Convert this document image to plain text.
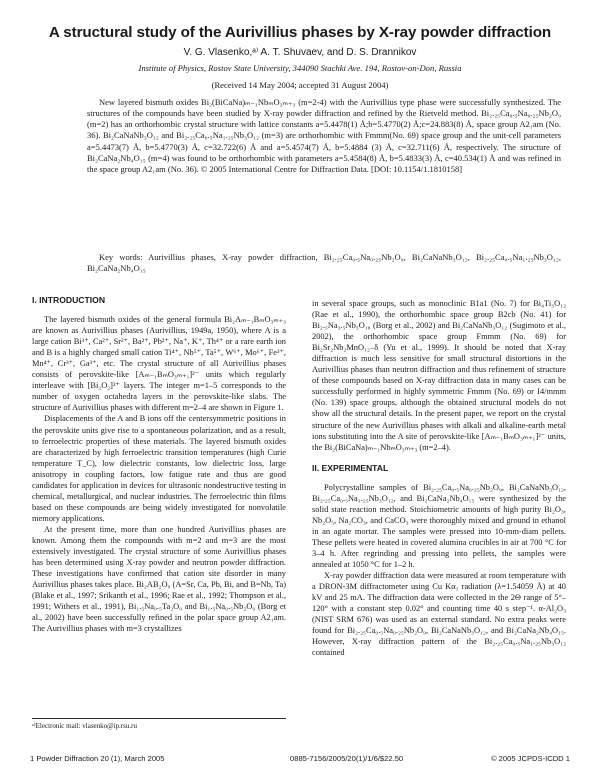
A structural study of the Aurivillius phases by X-ray powder diffraction
V. G. Vlasenko,ᵃ⁾ A. T. Shuvaev, and D. S. Drannikov
Institute of Physics, Rostov State University, 344090 Stachki Ave. 194, Rostov-on-Don, Russia
(Received 14 May 2004; accepted 31 August 2004)
New layered bismuth oxides Bi₂(BiCaNa)ₘ₋₁NbₘO₃ₘ₊₃ (m=2-4) with the Aurivillius type phase were successfully synthesized. The structures of the compounds have been studied by X-ray powder diffraction and refined by the Rietveld method. Bi₂.₂₅Ca₀.₅Na₀.₂₅Nb₂O₉ (m=2) has an orthorhombic crystal structure with lattice constants a=5.4478(1) Å;b=5.4770(2) Å;c=24.883(8) Å, space group A2₁am (No. 36). Bi₂CaNaNb₃O₁₂ and Bi₂.₂₅Ca₀.₅Na₁.₂₅Nb₃O₁₂ (m=3) are orthorhombic with Fmmm(No. 69) space group and the unit-cell parameters a=5.4473(7) Å, b=5.4770(3) Å, c=32.722(6) Å and a=5.4574(7) Å, b=5.4884 (3) Å, c=32.711(6) Å, respectively. The structure of Bi₂CaNa₂Nb₄O₁₅ (m=4) was found to be orthorhombic with parameters a=5.4584(8) Å, b=5.4833(3) Å, c=40.534(1) Å and was refined in the space group A2₁am (No. 36). © 2005 International Centre for Diffraction Data. [DOI: 10.1154/1.1810158]
Key words: Aurivillius phases, X-ray powder diffraction, Bi₂.₂₅Ca₀.₅Na₀.₂₅Nb₂O₉, Bi₂CaNaNb₃O₁₂, Bi₂.₂₅Ca₀.₅Na₁.₂₅Nb₃O₁₂, Bi₂CaNa₂Nb₄O₁₅
I. INTRODUCTION

The layered bismuth oxides of the general formula Bi₂Aₘ₋₁BₘO₃ₘ₊₃ are known as Aurivillius phases (Aurivillius, 1949a, 1950), where A is a large cation Bi³⁺, Ca²⁺, Sr²⁺, Ba²⁺, Pb²⁺, Na⁺, K⁺, Th⁴⁺ or a rare earth ion and B is a highly charged small cation Ti⁴⁺, Nb⁵⁺, Ta⁵⁺, W⁶⁺, Mo⁶⁺, Fe³⁺, Mn⁴⁺, Cr³⁺, Ga³⁺, etc. The crystal structure of all Aurivillius phases consists of perovskite-like [Aₘ₋₁BₘO₃ₘ₊₁]²⁻ units which regularly interleave with [Bi₂O₂]²⁺ layers. The integer m=1–5 corresponds to the number of oxygen octahedra layers in the perovskite-like slabs. The structure of Aurivillius phases with different m=2–4 are shown in Figure 1.

Displacements of the A and B ions off the centersymmetric positions in the perovskite units give rise to a spontaneous polarization, and as a result, to ferroelectric properties of these materials. The layered bismuth oxides are characterized by high ferroelectric transition temperatures (high Curie temperature T_C), low dielectric constants, low dielectric loss, large anisotropy in coupling factors, low fatigue rate and thus are good candidates for application in devices for ultrasonic nondestructive testing in chemical, metallurgical, and nuclear industries. The ferroelectric thin films based on these compounds are being widely investigated for nonvolatile memory applications.

At the present time, more than one hundred Aurivillius phases are known. Among them the compounds with m=2 and m=3 are the most extensively investigated. The crystal structure of some Aurivillius phases has been determined using X-ray powder and neutron powder diffraction. These investigations have confirmed that cation site disorder in many Aurivillius phases takes place. Bi₂AB₂O₉ (A=Sr, Ca, Pb, Bi, and B=Nb, Ta) (Blake et al., 1997; Srikanth et al., 1996; Rae et al., 1992; Thompson et al., 1991; Withers et al., 1991), Bi₁.₅Na₀.₅Ta₂O₉ and Bi₁.₅Na₀.₅Nb₂O₉ (Borg et al., 2002) have been successfully refined in the polar space group A2₁am. The Aurivillius phases with m=3 crystallizes

in several space groups, such as monoclinic B1a1 (No. 7) for Bi₄Ti₃O₁₂ (Rae et al., 1990), the orthorhombic space group B2cb (No. 41) for Bi₂.₅Na₃.₅Nb₅O₁₈ (Borg et al., 2002) and Bi₂CaNaNb₃O₁₂ (Sugimoto et al., 2002), the orthorhombic space group Fmmm (No. 69) for Bi₂Sr₂Nb₂MnO₁₂₋δ (Yu et al., 1999). It should be noted that X-ray diffraction is much less sensitive for small structural distortions in the Aurivillius phases than neutron diffraction and thus refinement of structure of these compounds based on X-ray diffraction data in many cases can be successfully performed in highly symmetric Fmmm (No. 69) or I4/mmm (No. 139) space groups, although the obtained structural models do not show all the structural details. In the present paper, we report on the crystal structure of the new Aurivillius phases with alkali and alkaline-earth metal ions substituting into the A site of perovskite-like [Aₘ₋₁BₘO₃ₘ₊₁]²⁻ units, the Bi₂(BiCaNa)ₘ₋₁NbₘO₃ₘ₊₃ (m=2–4).

II. EXPERIMENTAL

Polycrystalline samples of Bi₂.₂₅Ca₀.₅Na₀.₂₅Nb₂O₉, Bi₂CaNaNb₃O₁₂, Bi₂.₂₅Ca₀.₅Na₁.₂₅Nb₃O₁₂, and Bi₂CaNa₂Nb₄O₁₅ were synthesized by the solid state reaction method. Stoichiometric amounts of high purity Bi₂O₃, Nb₂O₅, Na₂CO₃, and CaCO₃ were thoroughly mixed and ground in ethanol in an agate mortar. The samples were pressed into 10-mm-diam pellets. These pellets were heated in covered alumina crucibles in air at 700 °C for 3–4 h. After regrinding and pressing into pellets, the samples were annealed at 1050 °C for 1–2 h.

X-ray powder diffraction data were measured at room temperature with a DRON-3M diffractometer using Cu Kα₁ radiation (λ=1.54059 Å) at 40 kV and 25 mA. The diffraction data were collected in the 2Θ range of 5°–120° with a constant step 0.02° and counting time 40 s step⁻¹. α-Al₂O₃ (NIST SRM 676) was used as an external standard. No extra peaks were found for Bi₂.₂₅Ca₀.₅Na₀.₂₅Nb₂O₉, Bi₂CaNaNb₃O₁₂, and Bi₂CaNa₂Nb₄O₁₅. However, X-ray diffraction pattern of the Bi₂.₂₅Ca₀.₅Na₁.₂₅Nb₃O₁₂ contained

ᵃ⁾Electronic mail: vlasenko@ip.rsu.ru
1 Powder Diffraction 20 (1), March 2005	0885-7156/2005/20(1)/1/6/$22.50	© 2005 JCPDS-ICDD 1
